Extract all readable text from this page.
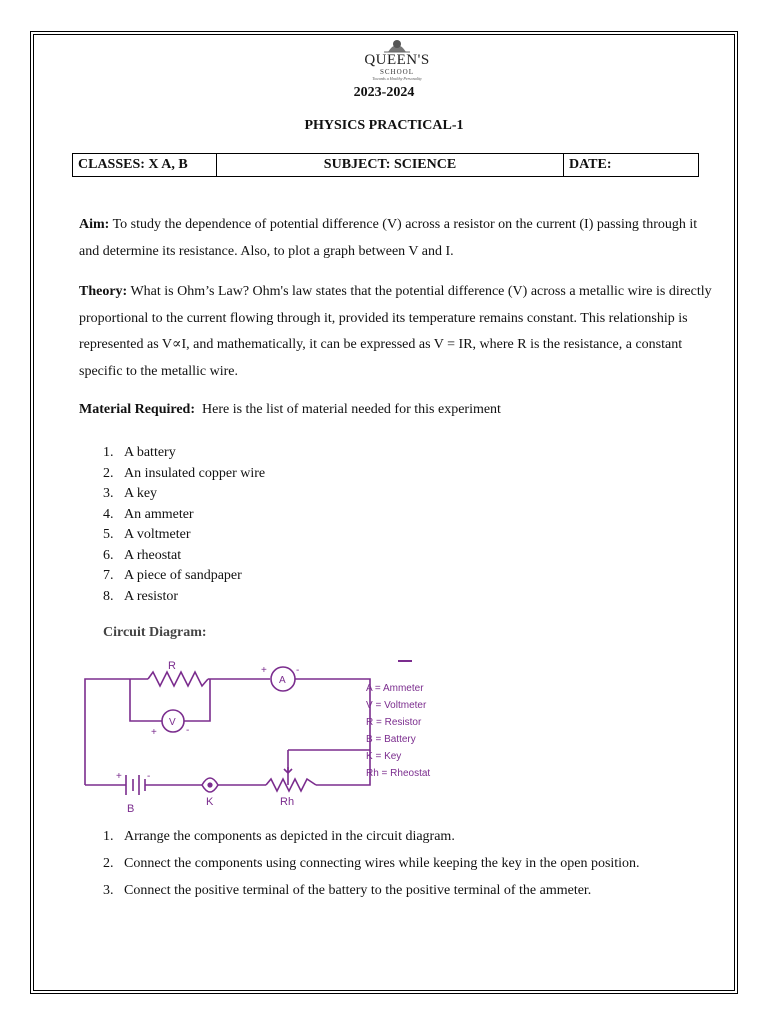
QUEEN'S
SCHOOL
Towards a Healthy Personality
2023-2024
PHYSICS PRACTICAL-1
CLASSES: X A, B	SUBJECT: SCIENCE	DATE:
Aim: To study the dependence of potential difference (V) across a resistor on the current (I) passing through it and determine its resistance. Also, to plot a graph between V and I.
Theory: What is Ohm’s Law? Ohm's law states that the potential difference (V) across a metallic wire is directly proportional to the current flowing through it, provided its temperature remains constant. This relationship is represented as V∝I, and mathematically, it can be expressed as V = IR, where R is the resistance, a constant specific to the metallic wire.
Material Required:  Here is the list of material needed for this experiment
1. A battery
2. An insulated copper wire
3. A key
4. An ammeter
5. A voltmeter
6. A rheostat
7. A piece of sandpaper
8. A resistor
Circuit Diagram:
R
A
V
+	-
+	-
+	-
B
K	Rh
A = Ammeter
V = Voltmeter
R = Resistor
B = Battery
K = Key
Rh = Rheostat
1. Arrange the components as depicted in the circuit diagram.
2. Connect the components using connecting wires while keeping the key in the open position.
3. Connect the positive terminal of the battery to the positive terminal of the ammeter.
